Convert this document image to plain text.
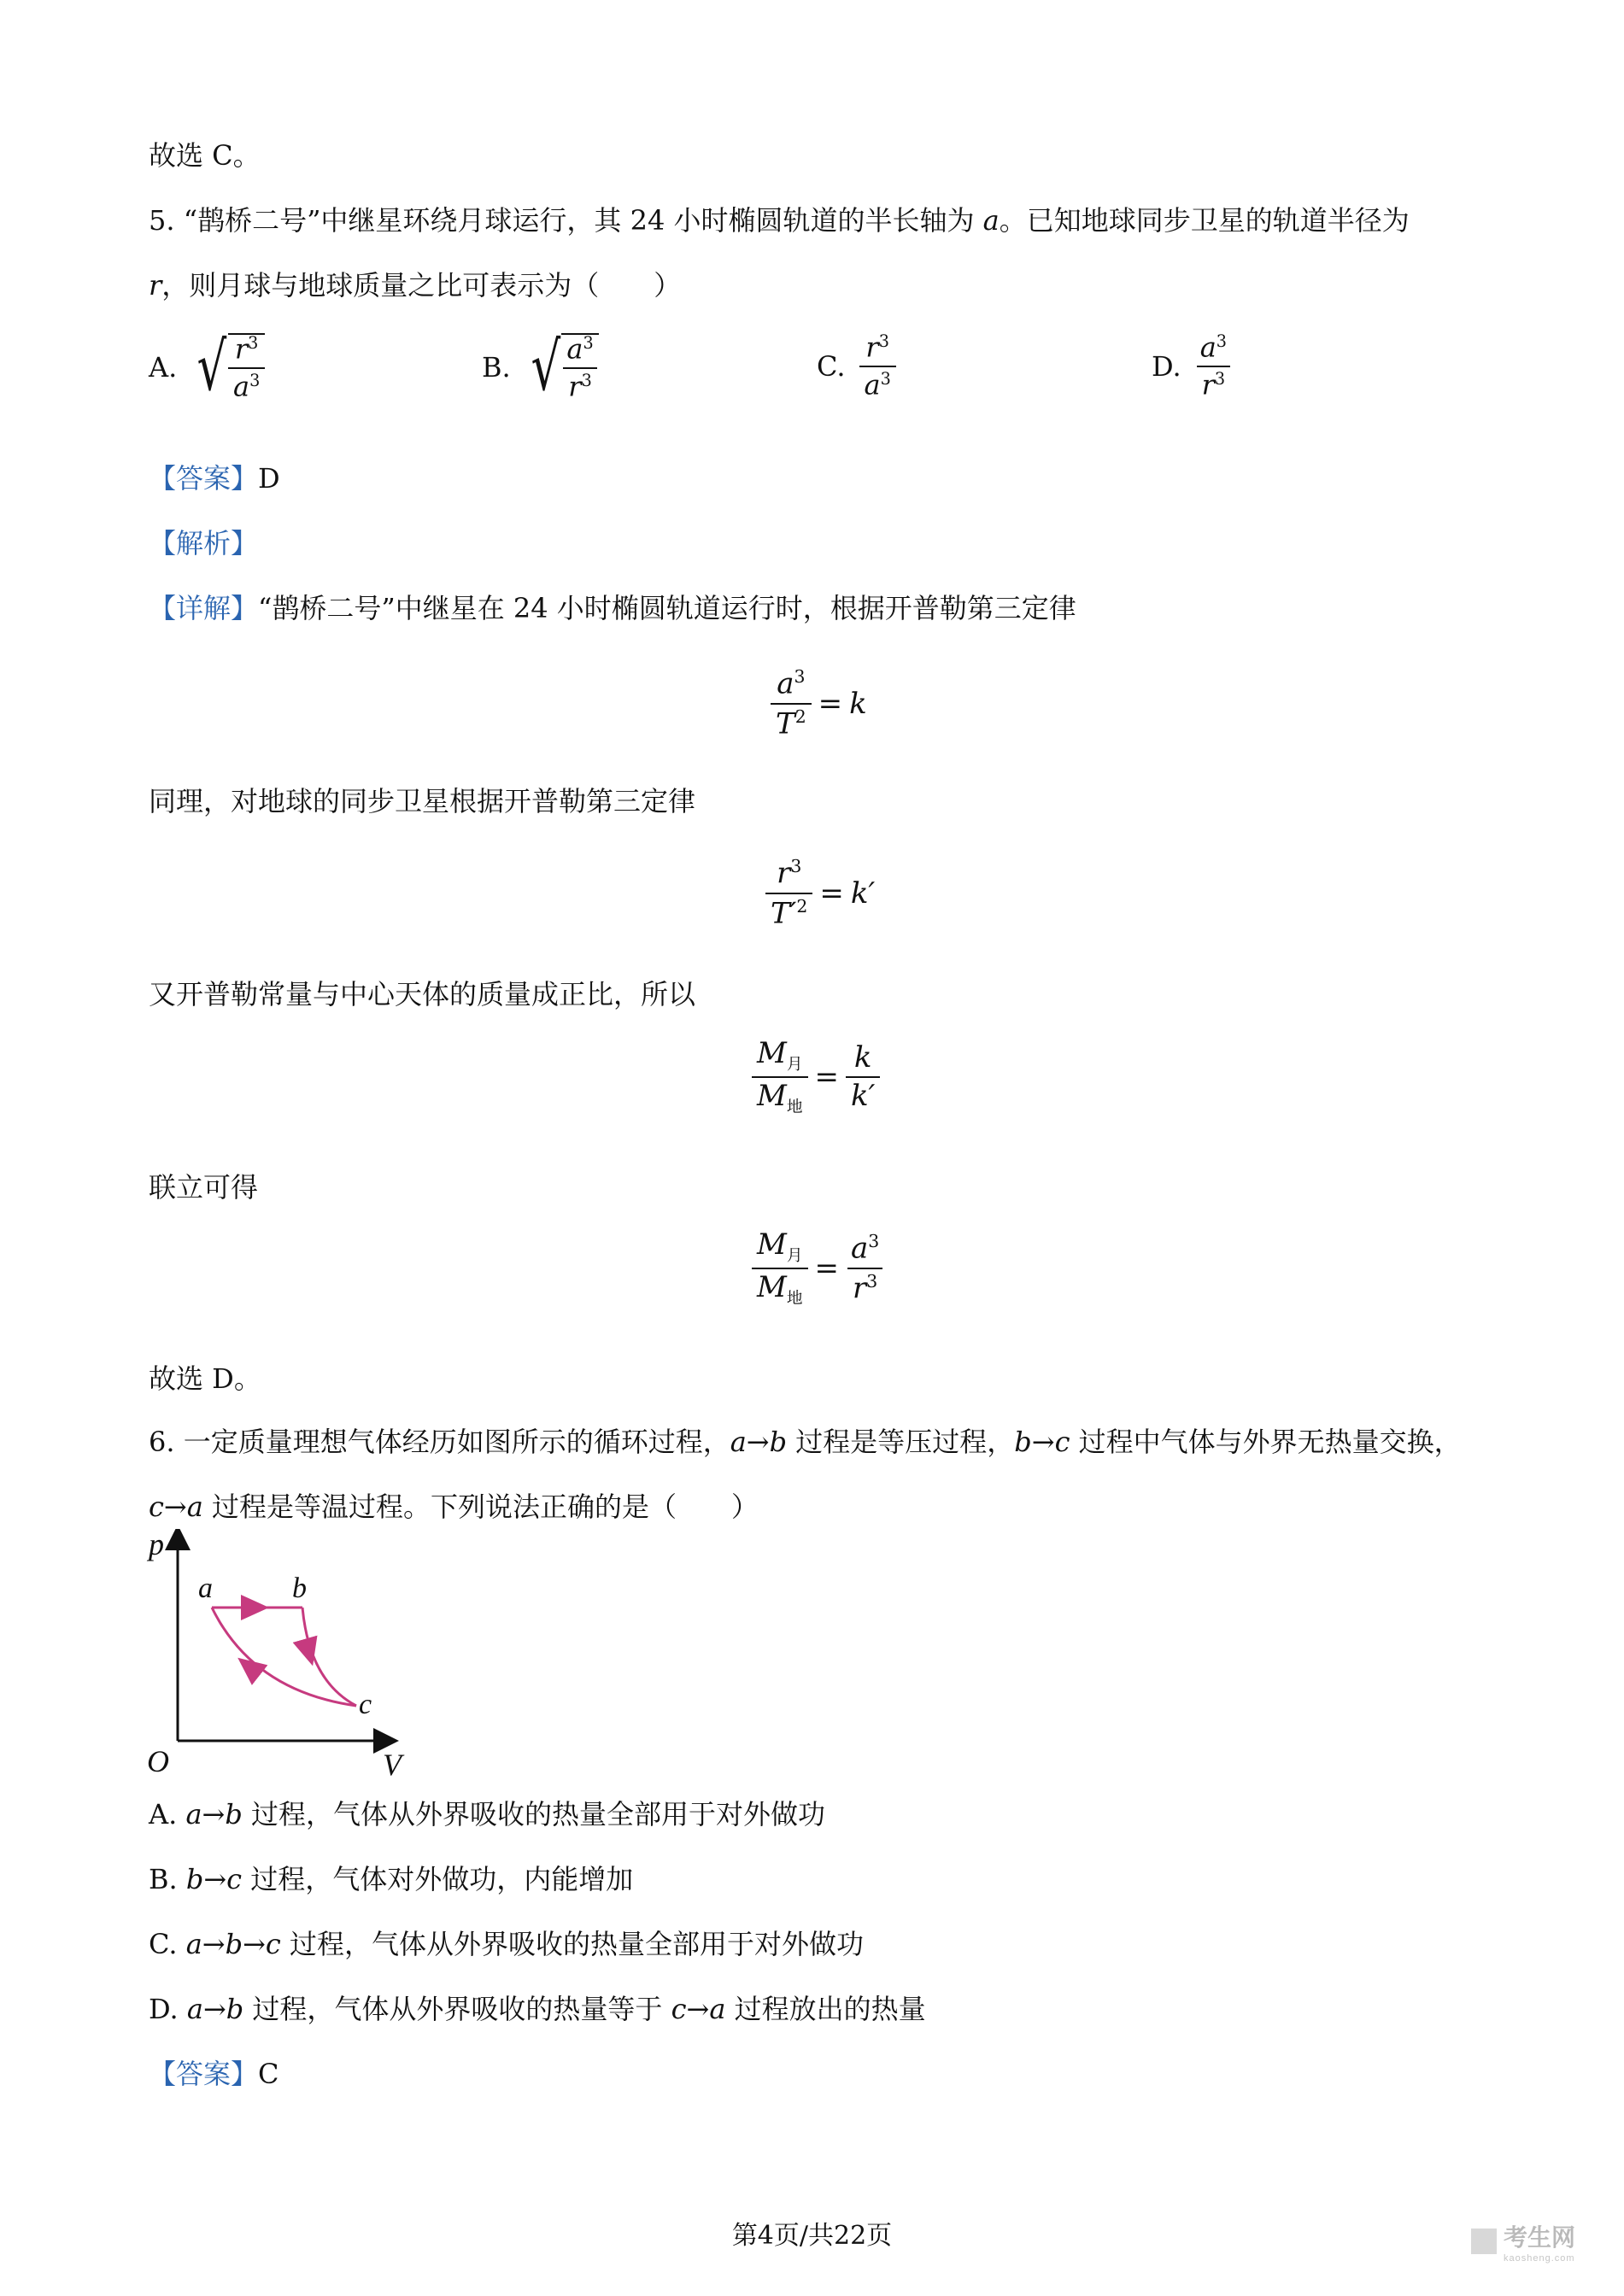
故选 C。
5. “鹊桥二号”中继星环绕月球运行，其 24 小时椭圆轨道的半长轴为 a。已知地球同步卫星的轨道半径为
r，则月球与地球质量之比可表示为（　　）
A. √ $\frac{r^3}{a^3}$	B. √ $\frac{a^3}{r^3}$	C. $\frac{r^3}{a^3}$	D. $\frac{a^3}{r^3}$
【答案】D
【解析】
【详解】“鹊桥二号”中继星在 24 小时椭圆轨道运行时，根据开普勒第三定律
$\frac{a^3}{T^2} = k$
同理，对地球的同步卫星根据开普勒第三定律
$\frac{r^3}{T'^2} = k'$
又开普勒常量与中心天体的质量成正比，所以
$\frac{M_月}{M_地} = \frac{k}{k'}$
联立可得
$\frac{M_月}{M_地} = \frac{a^3}{r^3}$
故选 D。
6. 一定质量理想气体经历如图所示的循环过程，a→b 过程是等压过程，b→c 过程中气体与外界无热量交换，
c→a 过程是等温过程。下列说法正确的是（　　）
p
V
O
a	b
c
A. a→b 过程，气体从外界吸收的热量全部用于对外做功
B. b→c 过程，气体对外做功，内能增加
C. a→b→c 过程，气体从外界吸收的热量全部用于对外做功
D. a→b 过程，气体从外界吸收的热量等于 c→a 过程放出的热量
【答案】C
第4页/共22页	考生网
kaosheng.com
